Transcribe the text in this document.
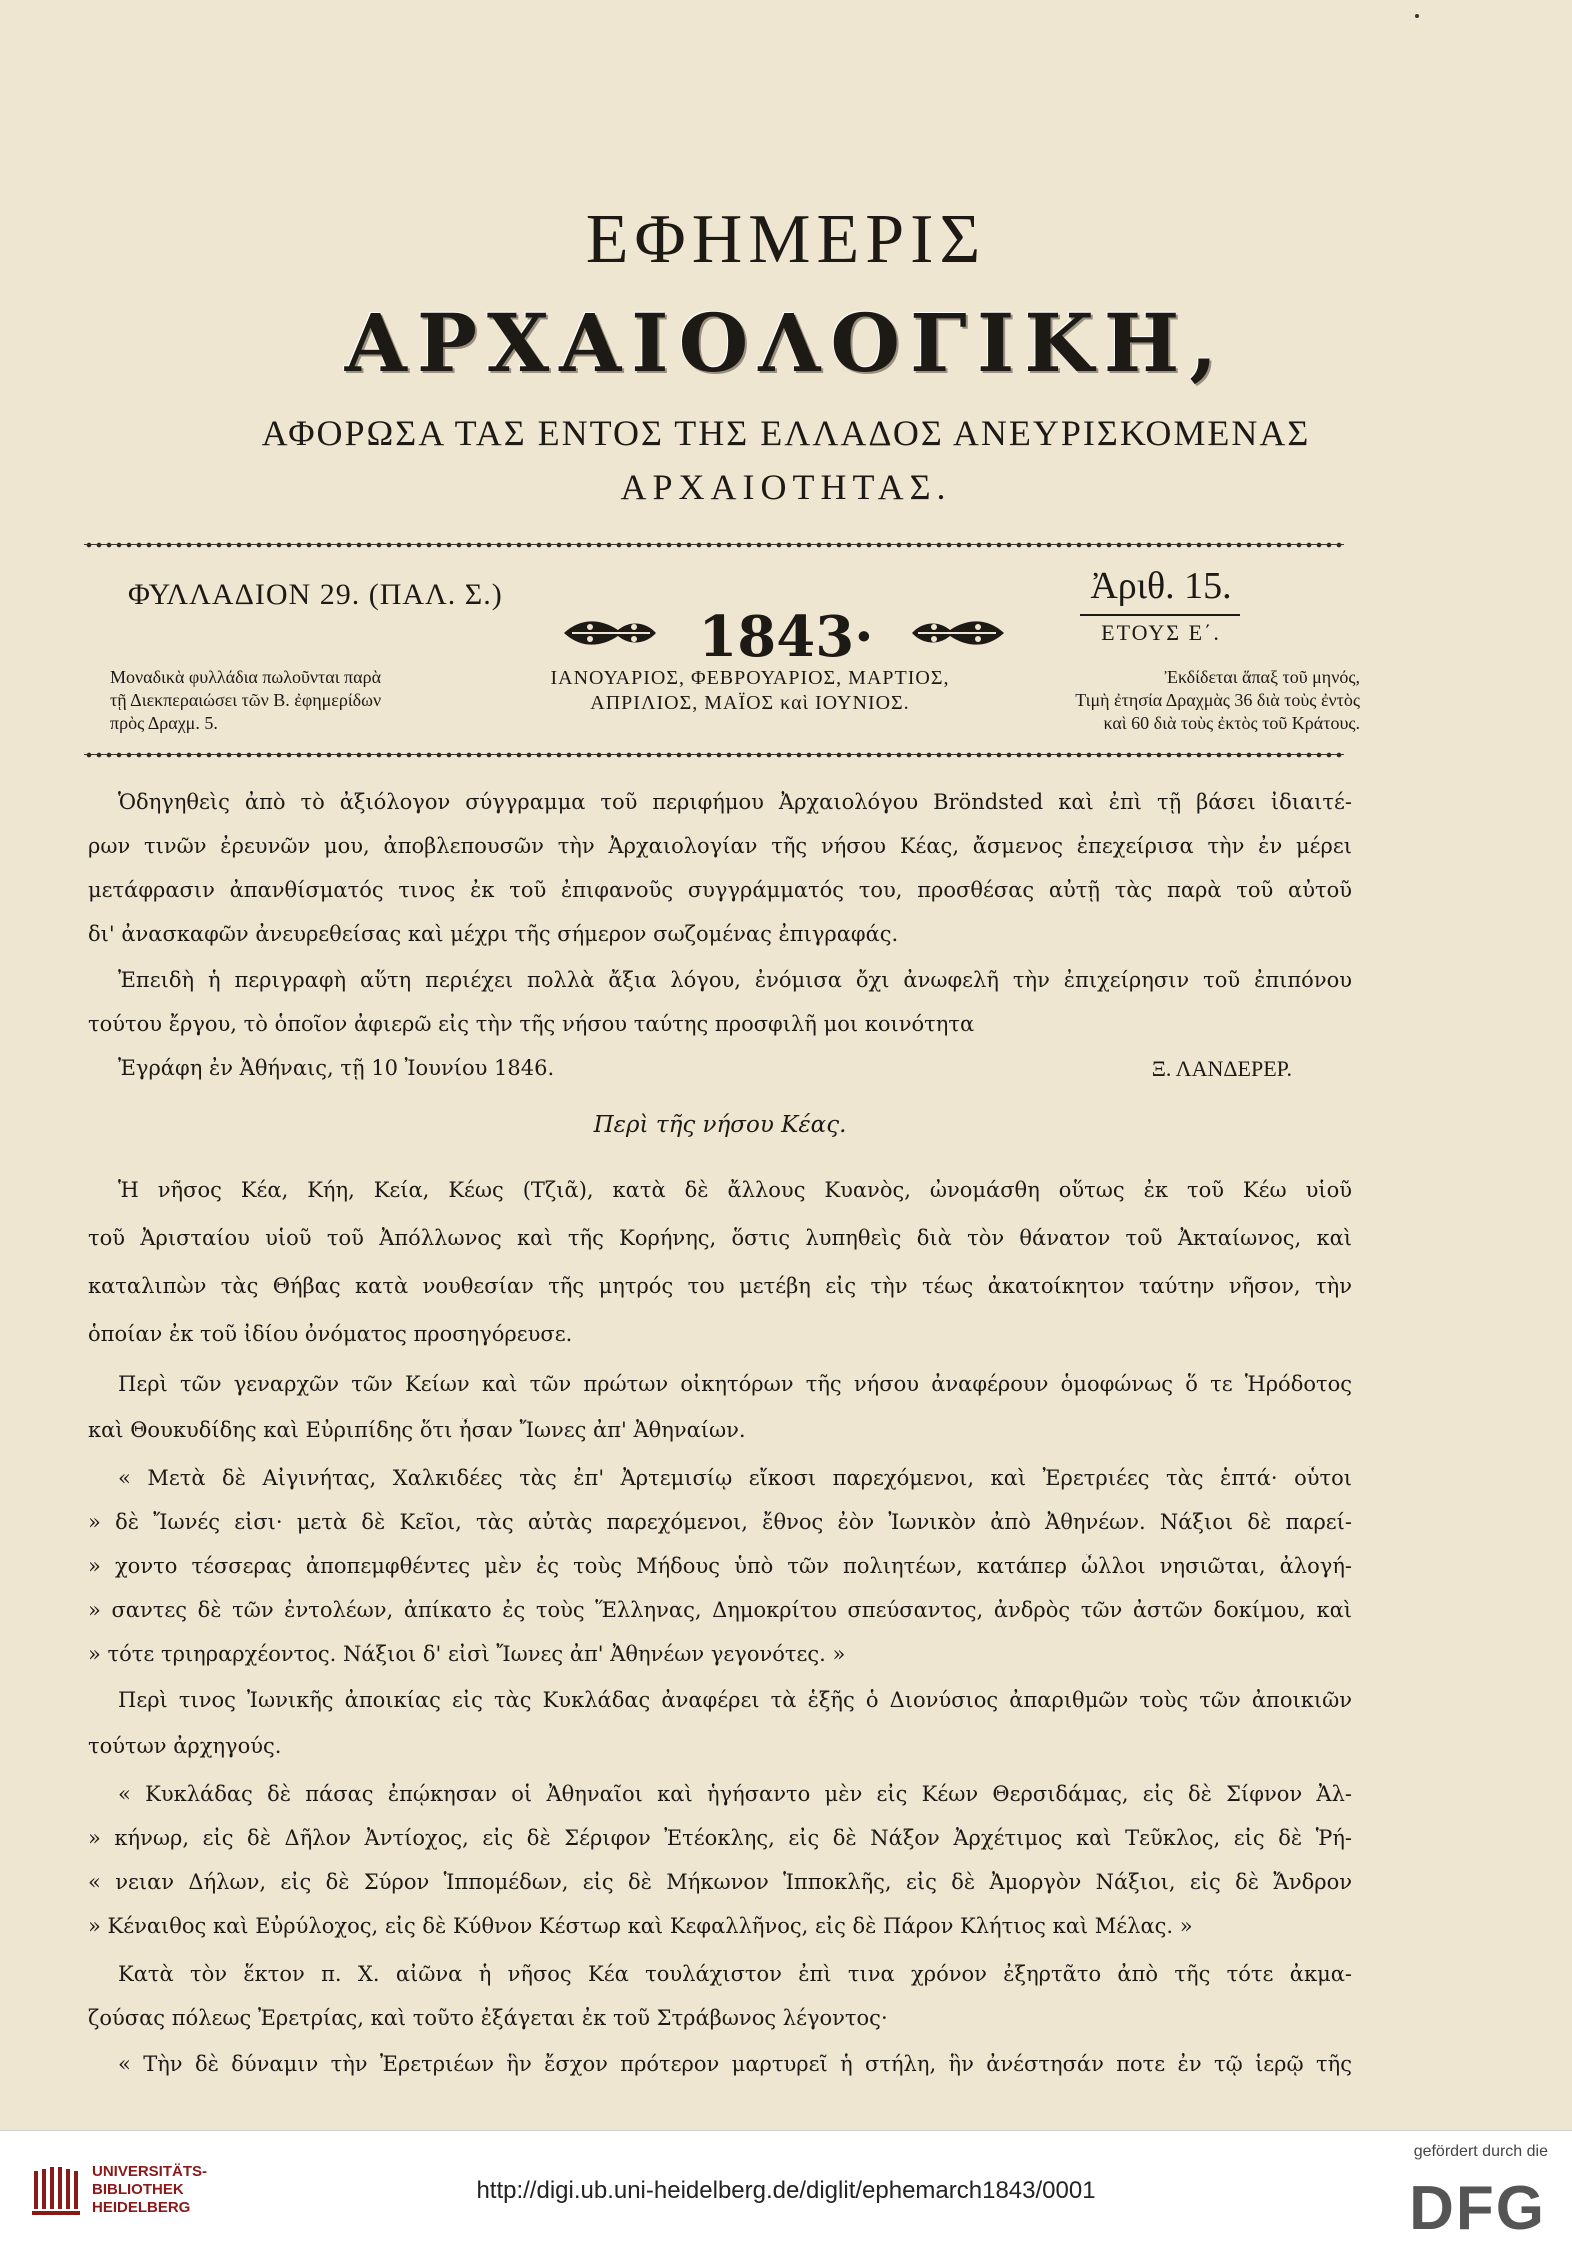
ΕΦΗΜΕΡΙΣ
ΑΡΧΑΙΟΛΟΓΙΚΗ,
ΑΦΟΡΩΣΑ ΤΑΣ ΕΝΤΟΣ ΤΗΣ ΕΛΛΑΔΟΣ ΑΝΕΥΡΙΣΚΟΜΕΝΑΣ
ΑΡΧΑΙΟΤΗΤΑΣ.
ΦΥΛΛΑΔΙΟΝ 29. (ΠΑΛ. Σ.)	Ἀριθ. 15.
ΕΤΟΥΣ Ε΄.
1843·
Μοναδικὰ φυλλάδια πωλοῦνται παρὰ
τῇ Διεκπεραιώσει τῶν Β. ἐφημερίδων
πρὸς Δραχμ. 5.
ΙΑΝΟΥΑΡΙΟΣ, ΦΕΒΡΟΥΑΡΙΟΣ, ΜΑΡΤΙΟΣ,
ΑΠΡΙΛΙΟΣ, ΜΑΪΟΣ καὶ ΙΟΥΝΙΟΣ.
Ἐκδίδεται ἅπαξ τοῦ μηνός,
Τιμὴ ἐτησία Δραχμὰς 36 διὰ τοὺς ἐντὸς
καὶ 60 διὰ τοὺς ἐκτὸς τοῦ Κράτους.
Ὁδηγηθεὶς ἀπὸ τὸ ἀξιόλογον σύγγραμμα τοῦ περιφήμου Ἀρχαιολόγου Bröndsted καὶ ἐπὶ τῇ βάσει ἰδιαιτέ-
ρων τινῶν ἐρευνῶν μου, ἀποβλεπουσῶν τὴν Ἀρχαιολογίαν τῆς νήσου Κέας, ἄσμενος ἐπεχείρισα τὴν ἐν μέρει
μετάφρασιν ἀπανθίσματός τινος ἐκ τοῦ ἐπιφανοῦς συγγράμματός του, προσθέσας αὐτῇ τὰς παρὰ τοῦ αὐτοῦ
δι' ἀνασκαφῶν ἀνευρεθείσας καὶ μέχρι τῆς σήμερον σωζομένας ἐπιγραφάς.
Ἐπειδὴ ἡ περιγραφὴ αὕτη περιέχει πολλὰ ἄξια λόγου, ἐνόμισα ὄχι ἀνωφελῆ τὴν ἐπιχείρησιν τοῦ ἐπιπόνου
τούτου ἔργου, τὸ ὁποῖον ἀφιερῶ εἰς τὴν τῆς νήσου ταύτης προσφιλῆ μοι κοινότητα
Ἐγράφη ἐν Ἀθήναις, τῇ 10 Ἰουνίου 1846.
Περὶ τῆς νήσου Κέας.
Ἡ νῆσος Κέα, Κήη, Κεία, Κέως (Τζιᾶ), κατὰ δὲ ἄλλους Κυανὸς, ὠνομάσθη οὕτως ἐκ τοῦ Κέω υἱοῦ
τοῦ Ἀρισταίου υἱοῦ τοῦ Ἀπόλλωνος καὶ τῆς Κορήνης, ὅστις λυπηθεὶς διὰ τὸν θάνατον τοῦ Ἀκταίωνος, καὶ
καταλιπὼν τὰς Θήβας κατὰ νουθεσίαν τῆς μητρός του μετέβη εἰς τὴν τέως ἀκατοίκητον ταύτην νῆσον, τὴν
ὁποίαν ἐκ τοῦ ἰδίου ὀνόματος προσηγόρευσε.
Περὶ τῶν γεναρχῶν τῶν Κείων καὶ τῶν πρώτων οἰκητόρων τῆς νήσου ἀναφέρουν ὁμοφώνως ὅ τε Ἡρόδοτος
καὶ Θουκυδίδης καὶ Εὐριπίδης ὅτι ἦσαν Ἴωνες ἀπ' Ἀθηναίων.
« Μετὰ δὲ Αἰγινήτας, Χαλκιδέες τὰς ἐπ' Ἀρτεμισίῳ εἴκοσι παρεχόμενοι, καὶ Ἐρετριέες τὰς ἑπτά· οὗτοι
» δὲ Ἴωνές εἰσι· μετὰ δὲ Κεῖοι, τὰς αὐτὰς παρεχόμενοι, ἔθνος ἐὸν Ἰωνικὸν ἀπὸ Ἀθηνέων. Νάξιοι δὲ παρεί-
» χοντο τέσσερας ἀποπεμφθέντες μὲν ἐς τοὺς Μήδους ὑπὸ τῶν πολιητέων, κατάπερ ὦλλοι νησιῶται, ἀλογή-
» σαντες δὲ τῶν ἐντολέων, ἀπίκατο ἐς τοὺς Ἕλληνας, Δημοκρίτου σπεύσαντος, ἀνδρὸς τῶν ἀστῶν δοκίμου, καὶ
» τότε τριηραρχέοντος. Νάξιοι δ' εἰσὶ Ἴωνες ἀπ' Ἀθηνέων γεγονότες. »
Περὶ τινος Ἰωνικῆς ἀποικίας εἰς τὰς Κυκλάδας ἀναφέρει τὰ ἑξῆς ὁ Διονύσιος ἀπαριθμῶν τοὺς τῶν ἀποικιῶν
τούτων ἀρχηγούς.
« Κυκλάδας δὲ πάσας ἐπῴκησαν οἱ Ἀθηναῖοι καὶ ἡγήσαντο μὲν εἰς Κέων Θερσιδάμας, εἰς δὲ Σίφνον Ἀλ-
» κήνωρ, εἰς δὲ Δῆλον Ἀντίοχος, εἰς δὲ Σέριφον Ἐτέοκλης, εἰς δὲ Νάξον Ἀρχέτιμος καὶ Τεῦκλος, εἰς δὲ Ῥή-
« νειαν Δήλων, εἰς δὲ Σύρον Ἱππομέδων, εἰς δὲ Μήκωνον Ἱπποκλῆς, εἰς δὲ Ἀμοργὸν Νάξιοι, εἰς δὲ Ἄνδρον
» Κέναιθος καὶ Εὐρύλοχος, εἰς δὲ Κύθνον Κέστωρ καὶ Κεφαλλῆνος, εἰς δὲ Πάρον Κλήτιος καὶ Μέλας. »
Κατὰ τὸν ἕκτον π. Χ. αἰῶνα ἡ νῆσος Κέα τουλάχιστον ἐπὶ τινα χρόνον ἐξηρτᾶτο ἀπὸ τῆς τότε ἀκμα-
ζούσας πόλεως Ἐρετρίας, καὶ τοῦτο ἐξάγεται ἐκ τοῦ Στράβωνος λέγοντος·
« Τὴν δὲ δύναμιν τὴν Ἐρετριέων ἣν ἔσχον πρότερον μαρτυρεῖ ἡ στήλη, ἣν ἀνέστησάν ποτε ἐν τῷ ἱερῷ τῆς
Ξ. ΛΑΝΔΕΡΕΡ.
UNIVERSITÄTS-
BIBLIOTHEK
HEIDELBERG
http://digi.ub.uni-heidelberg.de/diglit/ephemarch1843/0001
gefördert durch die
DFG
